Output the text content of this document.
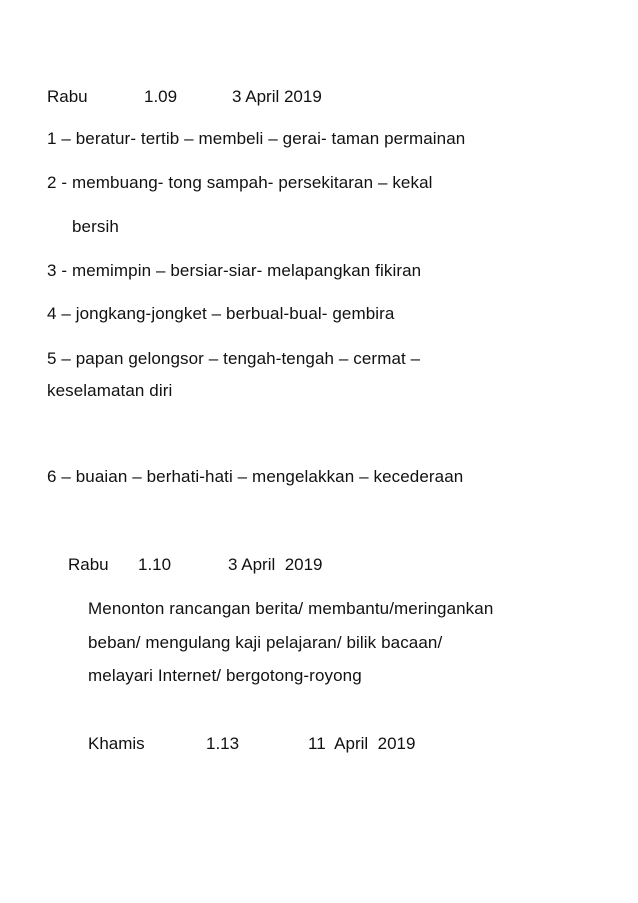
Rabu	1.09	3 April 2019
1 – beratur- tertib – membeli – gerai- taman permainan
2 - membuang- tong sampah- persekitaran – kekal
bersih
3 - memimpin – bersiar-siar- melapangkan fikiran
4 – jongkang-jongket – berbual-bual- gembira
5 – papan gelongsor – tengah-tengah – cermat –
keselamatan diri
6 – buaian – berhati-hati – mengelakkan – kecederaan
Rabu 1.10	3 April  2019
Menonton rancangan berita/ membantu/meringankan
beban/ mengulang kaji pelajaran/ bilik bacaan/
melayari Internet/ bergotong-royong
Khamis	1.13	11  April  2019
